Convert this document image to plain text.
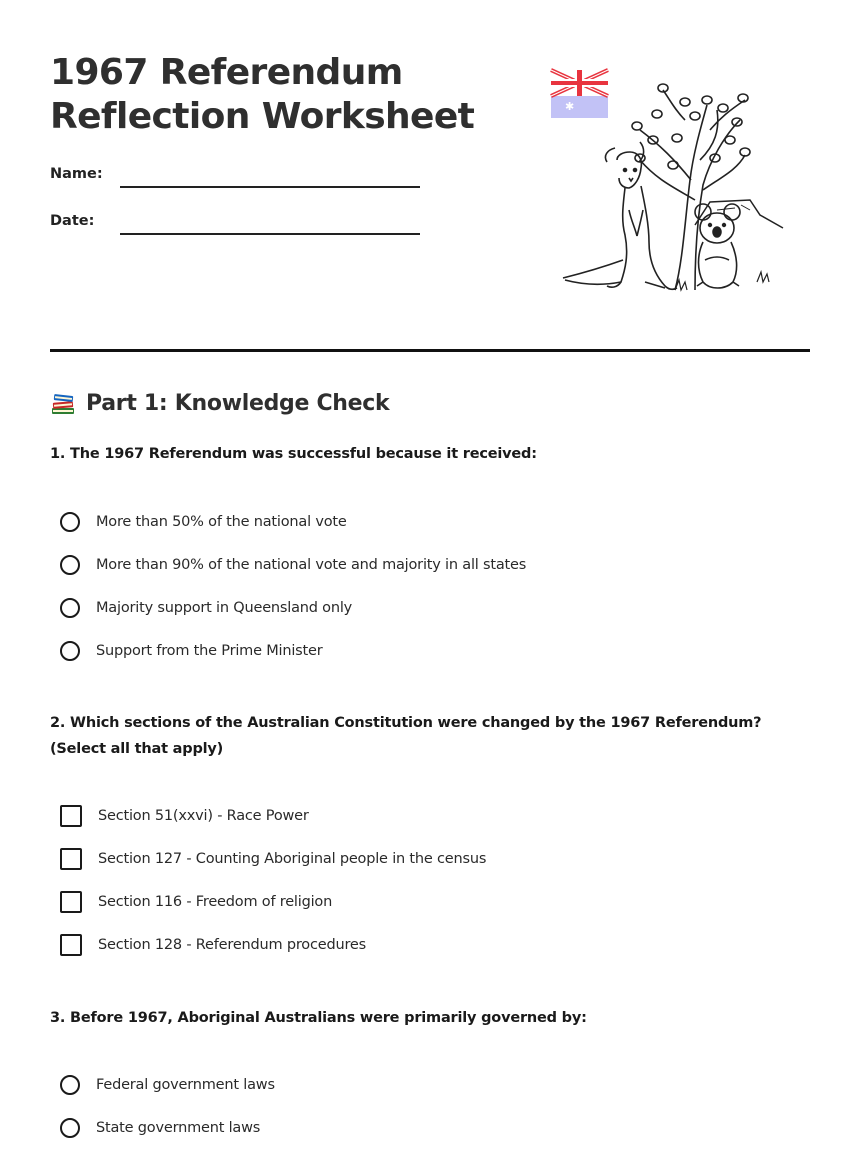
1967 Referendum
Reflection Worksheet
Name:
Date:
✱
Part 1: Knowledge Check

1. The 1967 Referendum was successful because it received:

More than 50% of the national vote
More than 90% of the national vote and majority in all states
Majority support in Queensland only
Support from the Prime Minister

2. Which sections of the Australian Constitution were changed by the 1967 Referendum? (Select all that apply)

Section 51(xxvi) - Race Power
Section 127 - Counting Aboriginal people in the census
Section 116 - Freedom of religion
Section 128 - Referendum procedures

3. Before 1967, Aboriginal Australians were primarily governed by:

Federal government laws
State government laws
